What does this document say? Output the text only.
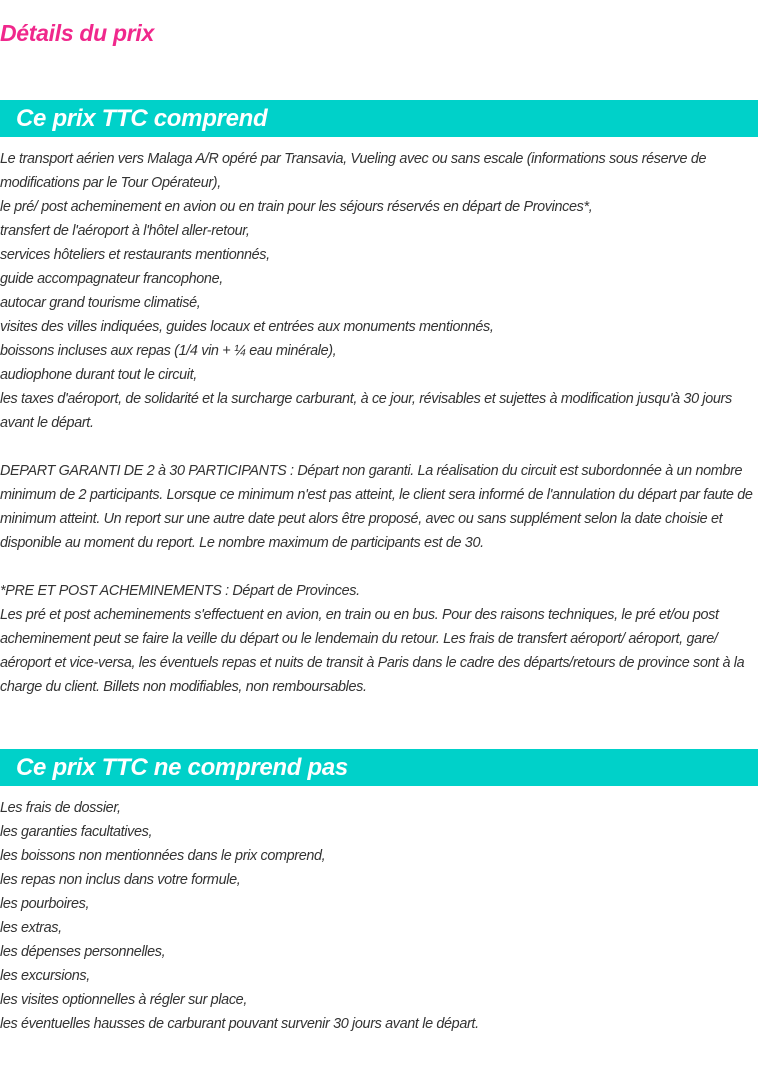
Détails du prix
Ce prix TTC comprend
Le transport aérien vers Malaga A/R opéré par Transavia, Vueling avec ou sans escale (informations sous réserve de modifications par le Tour Opérateur),
le pré/ post acheminement en avion ou en train pour les séjours réservés en départ de Provinces*,
transfert de l'aéroport à l'hôtel aller-retour,
services hôteliers et restaurants mentionnés,
guide accompagnateur francophone,
autocar grand tourisme climatisé,
visites des villes indiquées, guides locaux et entrées aux monuments mentionnés,
boissons incluses aux repas (1/4 vin + ¼ eau minérale),
audiophone durant tout le circuit,
les taxes d'aéroport, de solidarité et la surcharge carburant, à ce jour, révisables et sujettes à modification jusqu'à 30 jours avant le départ.
DEPART GARANTI DE 2 à 30 PARTICIPANTS : Départ non garanti. La réalisation du circuit est subordonnée à un nombre minimum de 2 participants. Lorsque ce minimum n'est pas atteint, le client sera informé de l'annulation du départ par faute de minimum atteint. Un report sur une autre date peut alors être proposé, avec ou sans supplément selon la date choisie et disponible au moment du report. Le nombre maximum de participants est de 30.
*PRE ET POST ACHEMINEMENTS : Départ de Provinces.
Les pré et post acheminements s'effectuent en avion, en train ou en bus. Pour des raisons techniques, le pré et/ou post acheminement peut se faire la veille du départ ou le lendemain du retour. Les frais de transfert aéroport/ aéroport, gare/ aéroport et vice-versa, les éventuels repas et nuits de transit à Paris dans le cadre des départs/retours de province sont à la charge du client. Billets non modifiables, non remboursables.
Ce prix TTC ne comprend pas
Les frais de dossier,
les garanties facultatives,
les boissons non mentionnées dans le prix comprend,
les repas non inclus dans votre formule,
les pourboires,
les extras,
les dépenses personnelles,
les excursions,
les visites optionnelles à régler sur place,
les éventuelles hausses de carburant pouvant survenir 30 jours avant le départ.
